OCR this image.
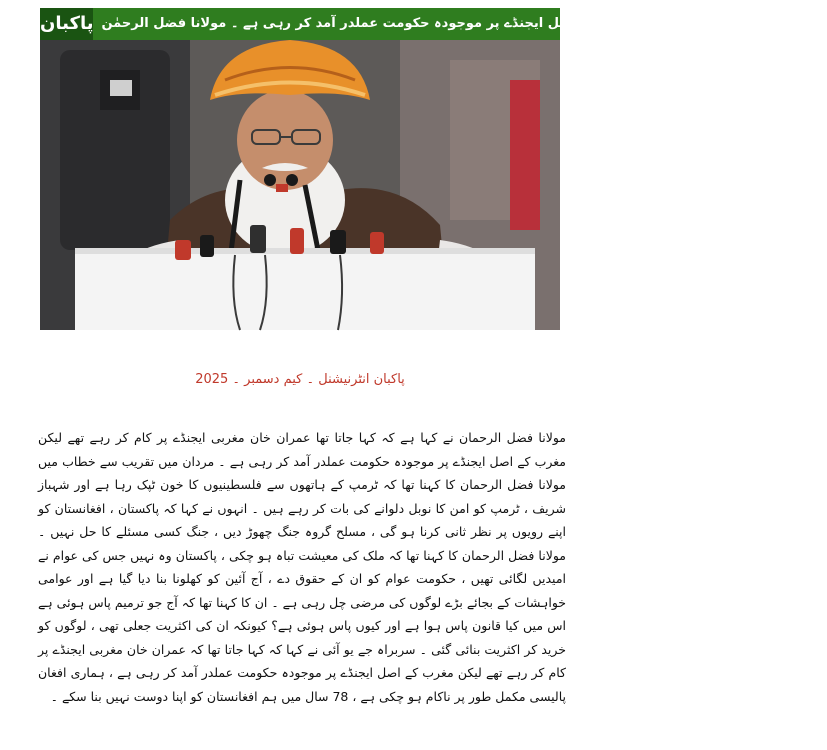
پاکبان عمران خان کو مغربی ایجنٹ کہتے تھے اصل ایجنڈے پر موجودہ حکومت عملدر آمد کر رہی ہے ۔ مولانا فضل الرحمٰن
پاکبان انٹرنیشنل ۔ کیم دسمبر ۔ 2025

مولانا فضل الرحمان نے کہا ہے کہ کہا جاتا تھا عمران خان مغربی ایجنڈے پر کام کر رہے تھے لیکن مغرب کے اصل ایجنڈے پر موجودہ حکومت عملدر آمد کر رہی ہے ۔ مردان میں تقریب سے خطاب میں مولانا فضل الرحمان کا کہنا تھا کہ ٹرمپ کے ہاتھوں سے فلسطینیوں کا خون ٹپک رہا ہے اور شہباز شریف ، ٹرمپ کو امن کا نوبل دلوانے کی بات کر رہے ہیں ۔ انہوں نے کہا کہ پاکستان ، افغانستان کو اپنے رویوں پر نظر ثانی کرنا ہو گی ، مسلح گروہ جنگ چھوڑ دیں ، جنگ کسی مسئلے کا حل نہیں ۔ مولانا فضل الرحمان کا کہنا تھا کہ ملک کی معیشت تباہ ہو چکی ، پاکستان وہ نہیں جس کی عوام نے امیدیں لگائی تھیں ، حکومت عوام کو ان کے حقوق دے ، آج آئین کو کھلونا بنا دیا گیا ہے اور عوامی خواہشات کے بجائے بڑے لوگوں کی مرضی چل رہی ہے ۔ ان کا کہنا تھا کہ آج جو ترمیم پاس ہوئی ہے اس میں کیا قانون پاس ہوا ہے اور کیوں پاس ہوئی ہے؟ کیونکہ ان کی اکثریت جعلی تھی ، لوگوں کو خرید کر اکثریت بنائی گئی ۔ سربراہ جے یو آئی نے کہا کہ کہا جاتا تھا کہ عمران خان مغربی ایجنڈے پر کام کر رہے تھے لیکن مغرب کے اصل ایجنڈے پر موجودہ حکومت عملدر آمد کر رہی ہے ، ہماری افغان پالیسی مکمل طور پر ناکام ہو چکی ہے ، 78 سال میں ہم افغانستان کو اپنا دوست نہیں بنا سکے ۔
